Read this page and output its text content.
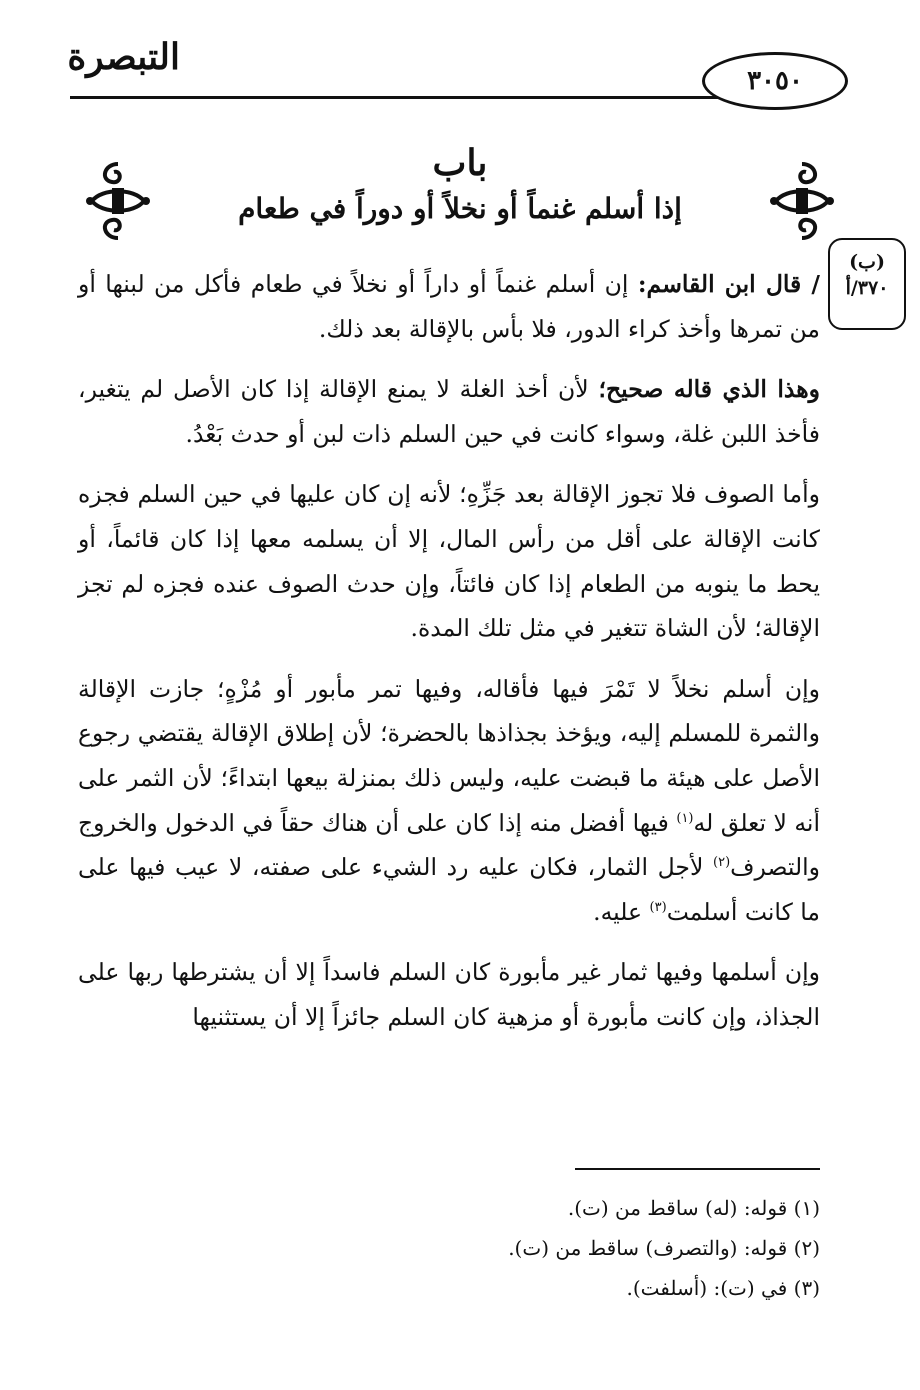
التبصرة
٣٠٥٠
باب
إذا أسلم غنماً أو نخلاً أو دوراً في طعام
(ب)
٣٧٠/أ

/ قال ابن القاسم: إن أسلم غنماً أو داراً أو نخلاً في طعام فأكل من لبنها أو من تمرها وأخذ كراء الدور، فلا بأس بالإقالة بعد ذلك.

وهذا الذي قاله صحيح؛ لأن أخذ الغلة لا يمنع الإقالة إذا كان الأصل لم يتغير، فأخذ اللبن غلة، وسواء كانت في حين السلم ذات لبن أو حدث بَعْدُ.

وأما الصوف فلا تجوز الإقالة بعد جَزِّهِ؛ لأنه إن كان عليها في حين السلم فجزه كانت الإقالة على أقل من رأس المال، إلا أن يسلمه معها إذا كان قائماً، أو يحط ما ينوبه من الطعام إذا كان فائتاً، وإن حدث الصوف عنده فجزه لم تجز الإقالة؛ لأن الشاة تتغير في مثل تلك المدة.

وإن أسلم نخلاً لا تَمْرَ فيها فأقاله، وفيها تمر مأبور أو مُزْهٍ؛ جازت الإقالة والثمرة للمسلم إليه، ويؤخذ بجذاذها بالحضرة؛ لأن إطلاق الإقالة يقتضي رجوع الأصل على هيئة ما قبضت عليه، وليس ذلك بمنزلة بيعها ابتداءً؛ لأن الثمر على أنه لا تعلق له$^{(١)}$ فيها أفضل منه إذا كان على أن هناك حقاً في الدخول والخروج والتصرف$^{(٢)}$ لأجل الثمار، فكان عليه رد الشيء على صفته، لا عيب فيها على ما كانت أسلمت$^{(٣)}$ عليه.

وإن أسلمها وفيها ثمار غير مأبورة كان السلم فاسداً إلا أن يشترطها ربها على الجذاذ، وإن كانت مأبورة أو مزهية كان السلم جائزاً إلا أن يستثنيها

(١) قوله: (له) ساقط من (ت).
(٢) قوله: (والتصرف) ساقط من (ت).
(٣) في (ت): (أسلفت).
